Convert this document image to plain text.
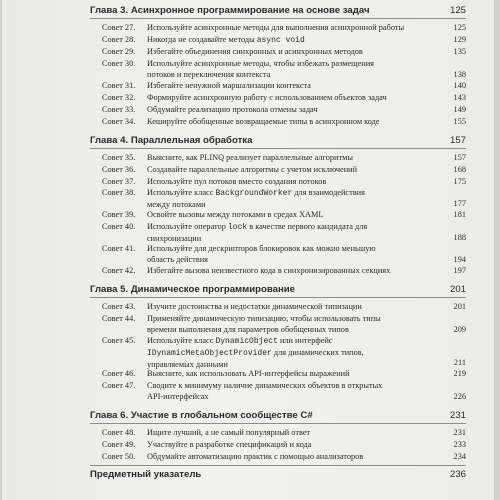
Глава 3. Асинхронное программирование на основе задач	125
Совет 27. Используйте асинхронные методы для выполнения асинхронной работы	125
Совет 28. Никогда не создавайте методы async void	129
Совет 29. Избегайте объединения синхронных и асинхронных методов	135
Совет 30. Используйте асинхронные методы, чтобы избежать размещения
потоков и переключения контекста	138
Совет 31. Избегайте ненужной маршализации контекста	140
Совет 32. Формируйте асинхронную работу с использованием объектов задач	143
Совет 33. Обдумайте реализацию протокола отмены задач	149
Совет 34. Кешируйте обобщенные возвращаемые типы в асинхронном коде	155
Глава 4. Параллельная обработка	157
Совет 35. Выясните, как PLINQ реализует параллельные алгоритмы	157
Совет 36. Создавайте параллельные алгоритмы с учетом исключений	168
Совет 37. Используйте пул потоков вместо создания потоков	175
Совет 38. Используйте класс BackgroundWorker для взаимодействия
между потоками	177
Совет 39. Освойте вызовы между потоками в средах XAML	181
Совет 40. Используйте оператор lock в качестве первого кандидата для
синхронизации	188
Совет 41. Используйте для дескрипторов блокировок как можно меньшую
область действия	194
Совет 42. Избегайте вызова неизвестного кода в синхронизированных секциях	197
Глава 5. Динамическое программирование	201
Совет 43. Изучите достоинства и недостатки динамической типизации	201
Совет 44. Применяйте динамическую типизацию, чтобы использовать типы
времени выполнения для параметров обобщенных типов	209
Совет 45. Используйте класс DynamicObject или интерфейс
IDynamicMetaObjectProvider для динамических типов,
управляемых данными	211
Совет 46. Выясните, как использовать API-интерфейсы выражений	219
Совет 47. Сводите к минимуму наличие динамических объектов в открытых
API-интерфейсах	226
Глава 6. Участие в глобальном сообществе C#	231
Совет 48. Ищите лучший, а не самый популярный ответ	231
Совет 49. Участвуйте в разработке спецификаций и кода	233
Совет 50. Обдумайте автоматизацию практик с помощью анализаторов	234
Предметный указатель	236
